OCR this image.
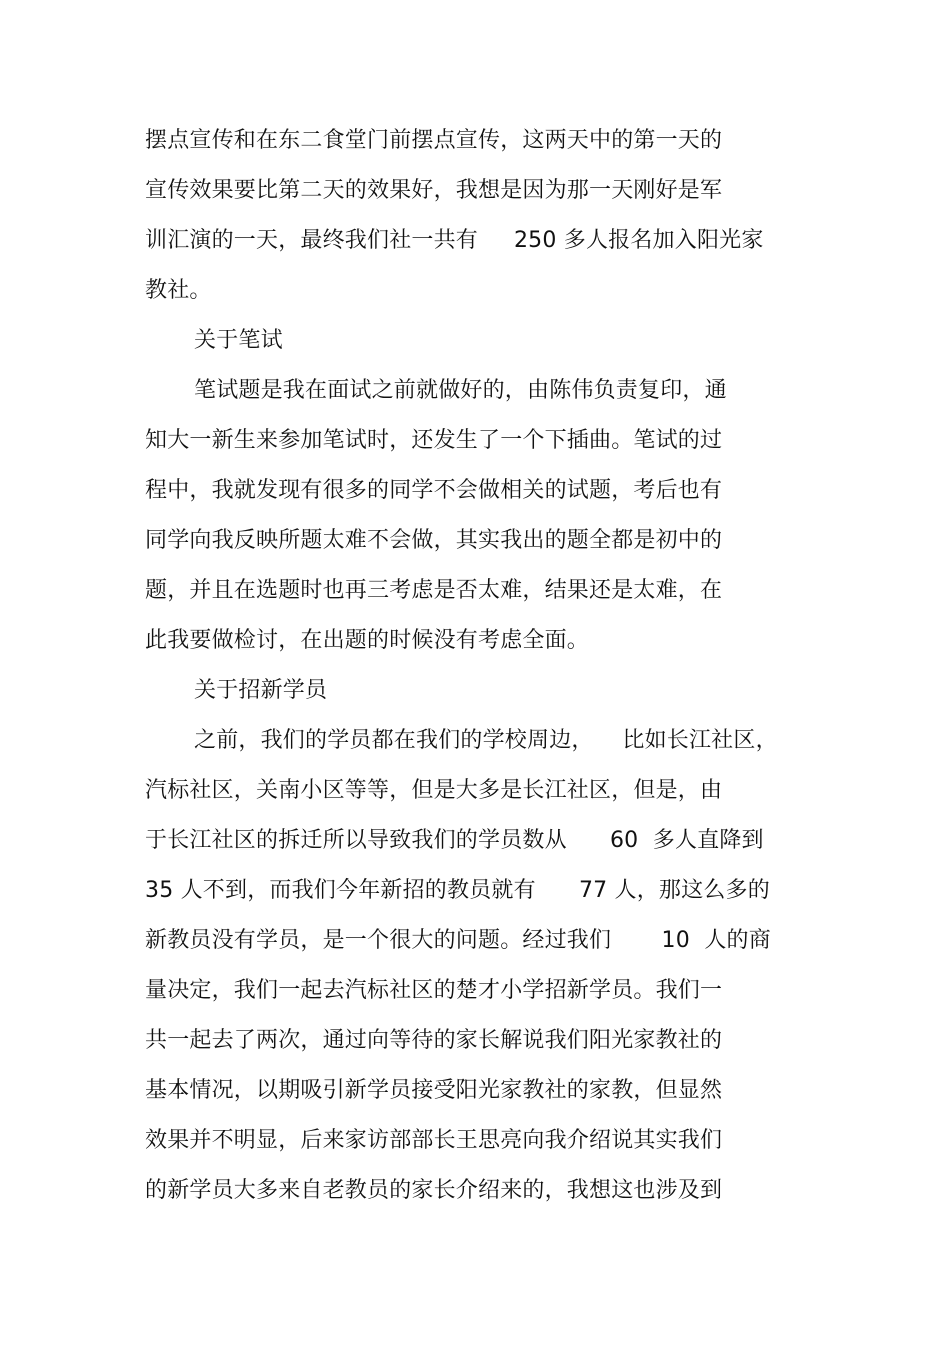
摆点宣传和在东二食堂门前摆点宣传，这两天中的第一天的
宣传效果要比第二天的效果好，我想是因为那一天刚好是军
训汇演的一天，最终我们社一共有     250 多人报名加入阳光家
教社。
关于笔试
笔试题是我在面试之前就做好的，由陈伟负责复印，通
知大一新生来参加笔试时，还发生了一个下插曲。笔试的过
程中，我就发现有很多的同学不会做相关的试题，考后也有
同学向我反映所题太难不会做，其实我出的题全都是初中的
题，并且在选题时也再三考虑是否太难，结果还是太难，在
此我要做检讨，在出题的时候没有考虑全面。
关于招新学员
之前，我们的学员都在我们的学校周边，    比如长江社区，
汽标社区，关南小区等等，但是大多是长江社区，但是，由
于长江社区的拆迁所以导致我们的学员数从      60  多人直降到
35 人不到，而我们今年新招的教员就有      77 人，那这么多的
新教员没有学员，是一个很大的问题。经过我们       10  人的商
量决定，我们一起去汽标社区的楚才小学招新学员。我们一
共一起去了两次，通过向等待的家长解说我们阳光家教社的
基本情况，以期吸引新学员接受阳光家教社的家教，但显然
效果并不明显，后来家访部部长王思亮向我介绍说其实我们
的新学员大多来自老教员的家长介绍来的，我想这也涉及到
